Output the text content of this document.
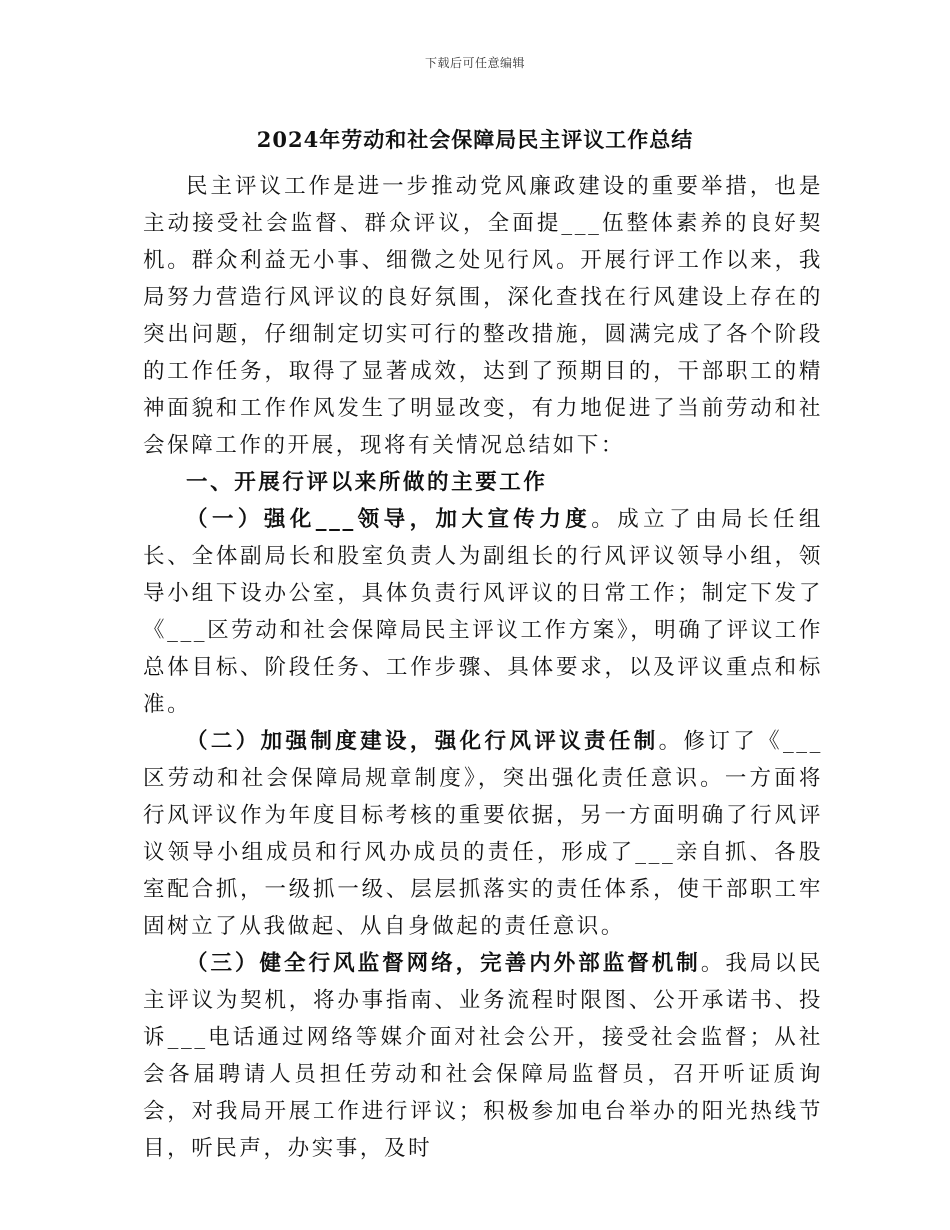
下载后可任意编辑
2024年劳动和社会保障局民主评议工作总结

民主评议工作是进一步推动党风廉政建设的重要举措，也是主动接受社会监督、群众评议，全面提___伍整体素养的良好契机。群众利益无小事、细微之处见行风。开展行评工作以来，我局努力营造行风评议的良好氛围，深化查找在行风建设上存在的突出问题，仔细制定切实可行的整改措施，圆满完成了各个阶段的工作任务，取得了显著成效，达到了预期目的，干部职工的精神面貌和工作作风发生了明显改变，有力地促进了当前劳动和社会保障工作的开展，现将有关情况总结如下：

一、开展行评以来所做的主要工作

（一）强化___领导，加大宣传力度。成立了由局长任组长、全体副局长和股室负责人为副组长的行风评议领导小组，领导小组下设办公室，具体负责行风评议的日常工作；制定下发了《___区劳动和社会保障局民主评议工作方案》，明确了评议工作总体目标、阶段任务、工作步骤、具体要求，以及评议重点和标准。

（二）加强制度建设，强化行风评议责任制。修订了《___区劳动和社会保障局规章制度》，突出强化责任意识。一方面将行风评议作为年度目标考核的重要依据，另一方面明确了行风评议领导小组成员和行风办成员的责任，形成了___亲自抓、各股室配合抓，一级抓一级、层层抓落实的责任体系，使干部职工牢固树立了从我做起、从自身做起的责任意识。

（三）健全行风监督网络，完善内外部监督机制。我局以民主评议为契机，将办事指南、业务流程时限图、公开承诺书、投诉___电话通过网络等媒介面对社会公开，接受社会监督；从社会各届聘请人员担任劳动和社会保障局监督员，召开听证质询会，对我局开展工作进行评议；积极参加电台举办的阳光热线节目，听民声，办实事，及时
